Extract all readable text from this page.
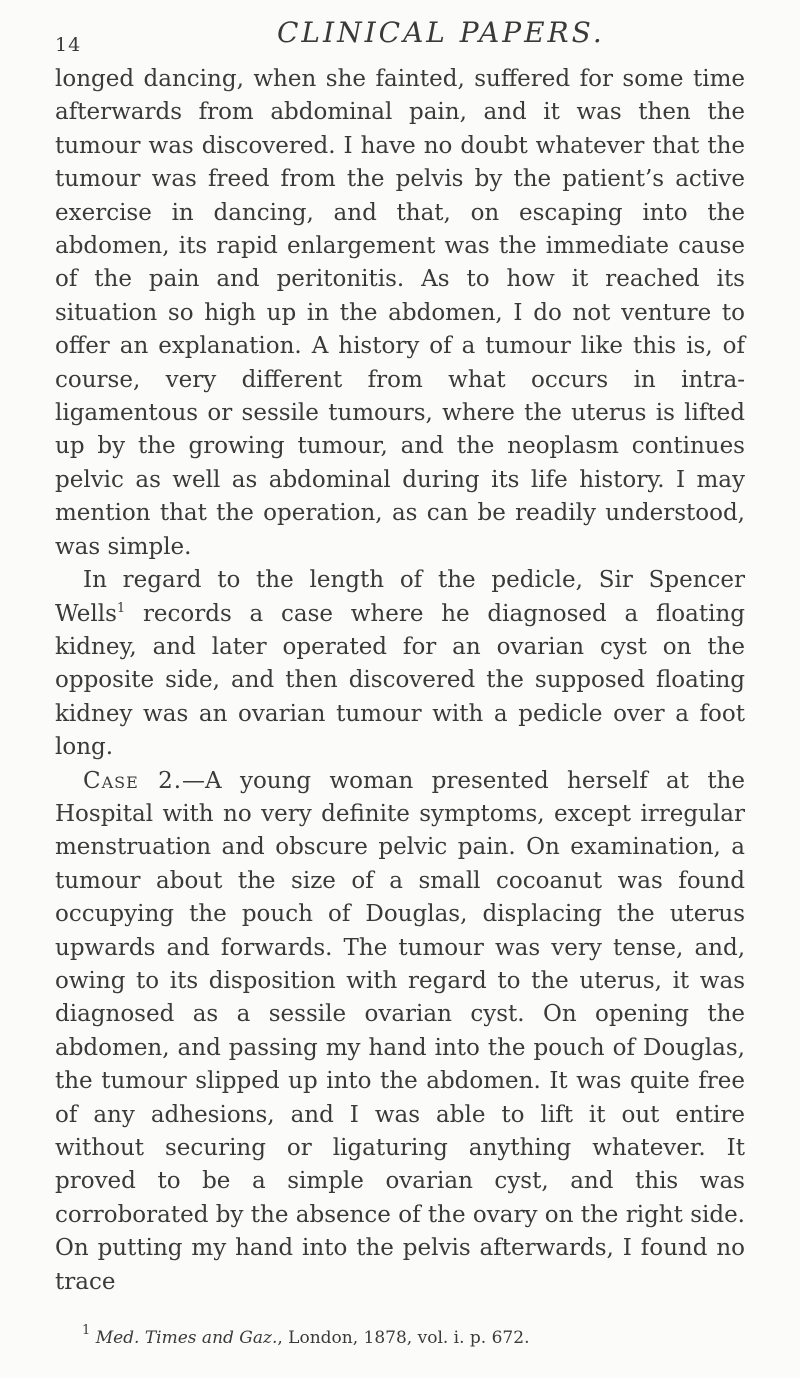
14	CLINICAL PAPERS.

longed dancing, when she fainted, suffered for some time afterwards from abdominal pain, and it was then the tumour was discovered. I have no doubt whatever that the tumour was freed from the pelvis by the patient’s active exercise in dancing, and that, on escaping into the abdomen, its rapid enlargement was the immediate cause of the pain and peritonitis. As to how it reached its situation so high up in the abdomen, I do not venture to offer an explanation. A history of a tumour like this is, of course, very different from what occurs in intra-ligamentous or sessile tumours, where the uterus is lifted up by the growing tumour, and the neoplasm continues pelvic as well as abdominal during its life history. I may mention that the operation, as can be readily understood, was simple.

In regard to the length of the pedicle, Sir Spencer Wells$^1$ records a case where he diagnosed a floating kidney, and later operated for an ovarian cyst on the opposite side, and then discovered the supposed floating kidney was an ovarian tumour with a pedicle over a foot long.

Case 2.—A young woman presented herself at the Hospital with no very definite symptoms, except irregular menstruation and obscure pelvic pain. On examination, a tumour about the size of a small cocoanut was found occupying the pouch of Douglas, displacing the uterus upwards and forwards. The tumour was very tense, and, owing to its disposition with regard to the uterus, it was diagnosed as a sessile ovarian cyst. On opening the abdomen, and passing my hand into the pouch of Douglas, the tumour slipped up into the abdomen. It was quite free of any adhesions, and I was able to lift it out entire without securing or ligaturing anything whatever. It proved to be a simple ovarian cyst, and this was corroborated by the absence of the ovary on the right side. On putting my hand into the pelvis afterwards, I found no trace

$^1$ Med. Times and Gaz., London, 1878, vol. i. p. 672.
